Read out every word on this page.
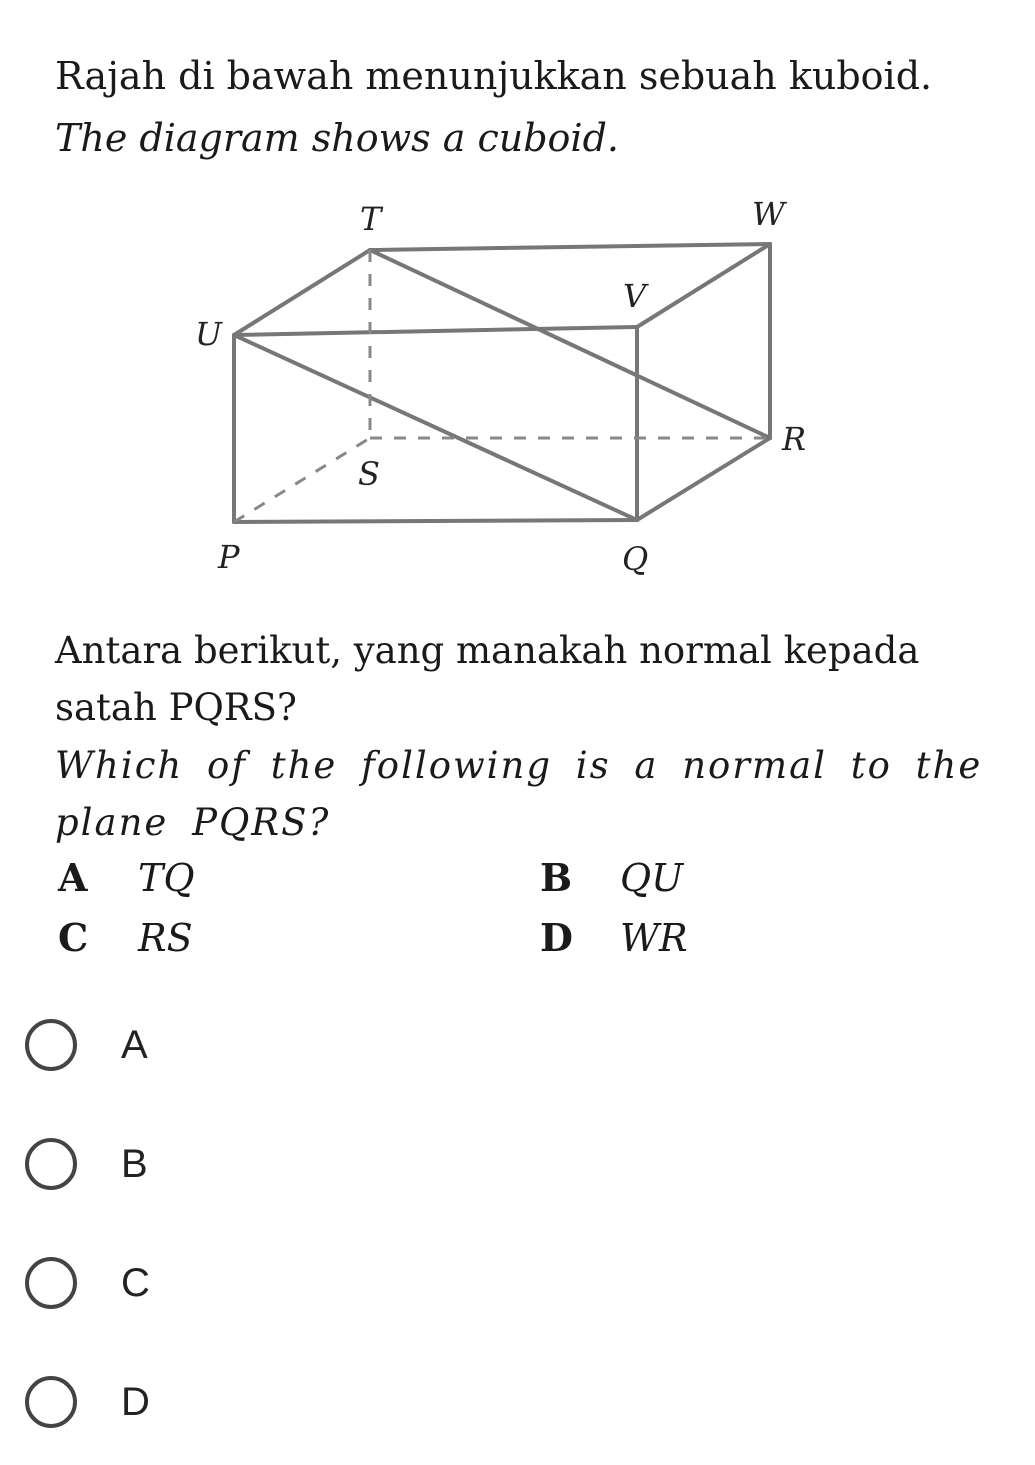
Rajah di bawah menunjukkan sebuah kuboid.
The diagram shows a cuboid.
T	W
V
U
R
S
P	Q
Antara berikut, yang manakah normal kepada
satah PQRS?
Which of the following is a normal to the
plane PQRS?
A TQ	B QU
C RS	D WR
A
B
C
D
